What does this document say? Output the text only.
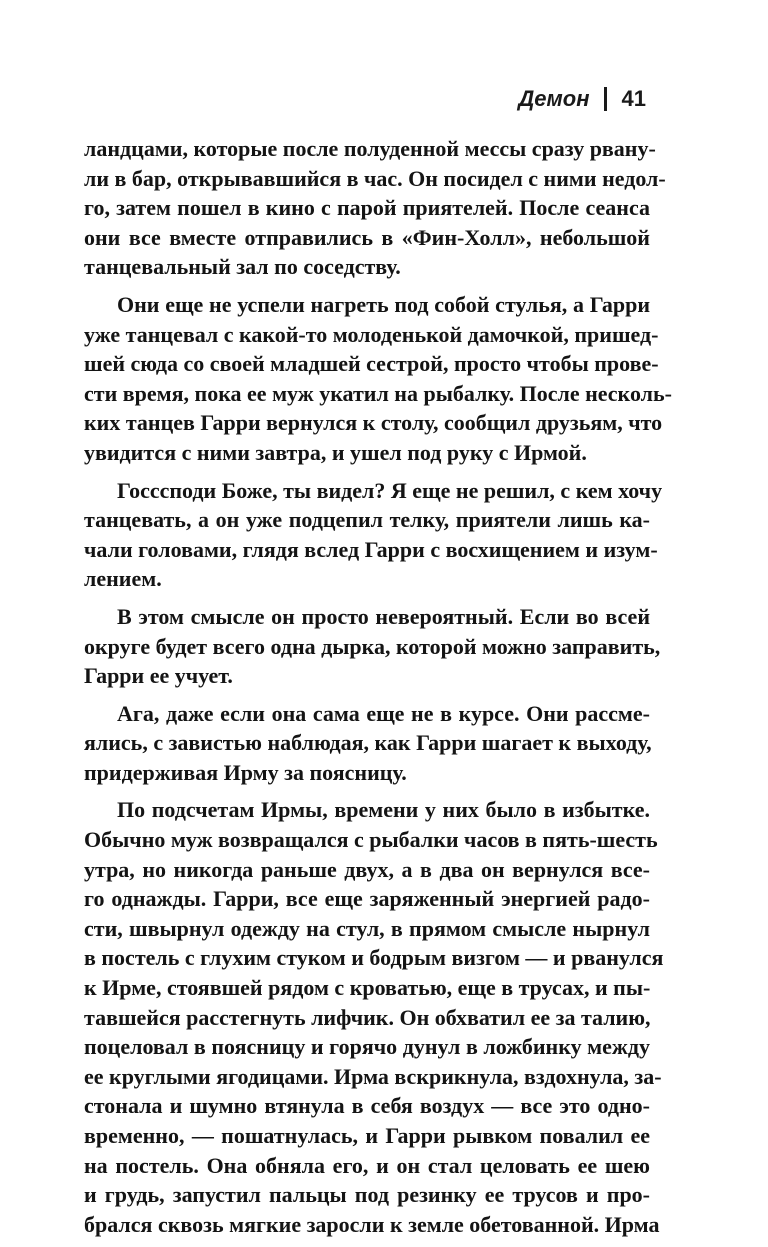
Демон 41
ландцами, которые после полуденной мессы сразу рвану-
ли в бар, открывавшийся в час. Он посидел с ними недол-
го, затем пошел в кино с парой приятелей. После сеанса
они все вместе отправились в «Фин-Холл», небольшой
танцевальный зал по соседству.
Они еще не успели нагреть под собой стулья, а Гарри
уже танцевал с какой-то молоденькой дамочкой, пришед-
шей сюда со своей младшей сестрой, просто чтобы прове-
сти время, пока ее муж укатил на рыбалку. После несколь-
ких танцев Гарри вернулся к столу, сообщил друзьям, что
увидится с ними завтра, и ушел под руку с Ирмой.
Госссподи Боже, ты видел? Я еще не решил, с кем хочу
танцевать, а он уже подцепил телку, приятели лишь ка-
чали головами, глядя вслед Гарри с восхищением и изум-
лением.
В этом смысле он просто невероятный. Если во всей
округе будет всего одна дырка, которой можно заправить,
Гарри ее учует.
Ага, даже если она сама еще не в курсе. Они рассме-
ялись, с завистью наблюдая, как Гарри шагает к выходу,
придерживая Ирму за поясницу.
По подсчетам Ирмы, времени у них было в избытке.
Обычно муж возвращался с рыбалки часов в пять-шесть
утра, но никогда раньше двух, а в два он вернулся все-
го однажды. Гарри, все еще заряженный энергией радо-
сти, швырнул одежду на стул, в прямом смысле нырнул
в постель с глухим стуком и бодрым визгом — и рванулся
к Ирме, стоявшей рядом с кроватью, еще в трусах, и пы-
тавшейся расстегнуть лифчик. Он обхватил ее за талию,
поцеловал в поясницу и горячо дунул в ложбинку между
ее круглыми ягодицами. Ирма вскрикнула, вздохнула, за-
стонала и шумно втянула в себя воздух — все это одно-
временно, — пошатнулась, и Гарри рывком повалил ее
на постель. Она обняла его, и он стал целовать ее шею
и грудь, запустил пальцы под резинку ее трусов и про-
брался сквозь мягкие заросли к земле обетованной. Ирма
